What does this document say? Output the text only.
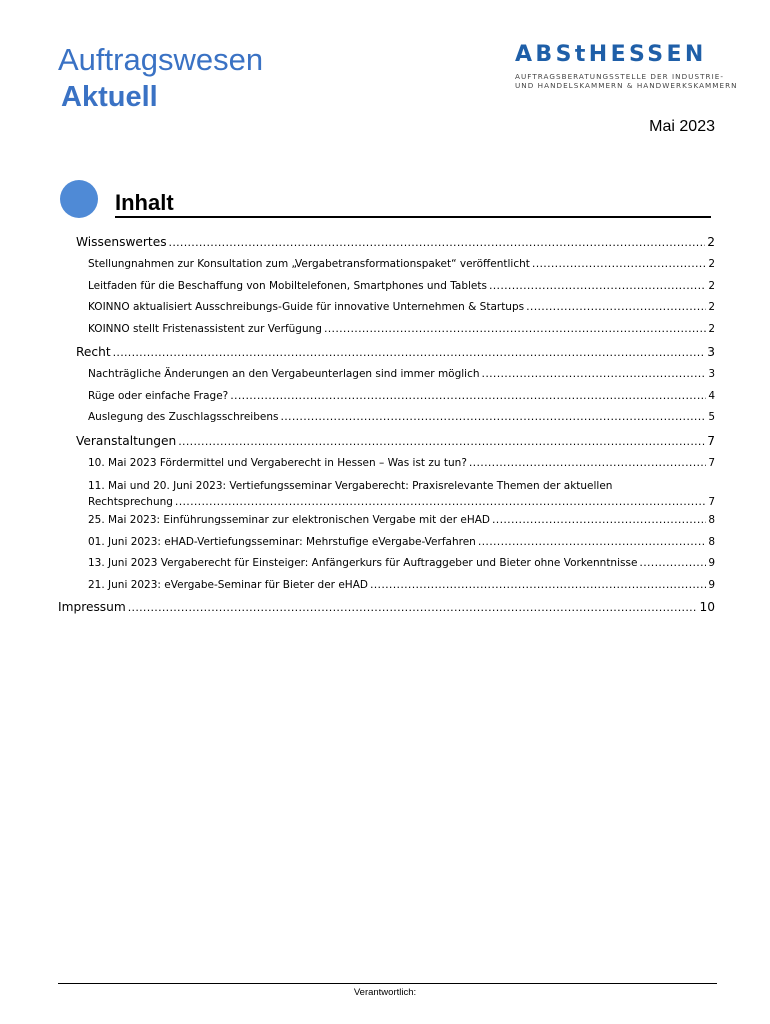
Auftragswesen
Aktuell
ABStHESSEN
AUFTRAGSBERATUNGSSTELLE DER INDUSTRIE-
UND HANDELSKAMMERN & HANDWERKSKAMMERN
Mai 2023
Inhalt
Wissenswertes . . .	2
Stellungnahmen zur Konsultation zum „Vergabetransformationspaket“ veröffentlicht . . .	2
Leitfaden für die Beschaffung von Mobiltelefonen, Smartphones und Tablets . . .	2
KOINNO aktualisiert Ausschreibungs-Guide für innovative Unternehmen & Startups . . .	2
KOINNO stellt Fristenassistent zur Verfügung . . .	2
Recht . . .	3
Nachträgliche Änderungen an den Vergabeunterlagen sind immer möglich . . .	3
Rüge oder einfache Frage? . . .	4
Auslegung des Zuschlagsschreibens . . .	5
Veranstaltungen . . .	7
10. Mai 2023 Fördermittel und Vergaberecht in Hessen – Was ist zu tun? . . .	7
11. Mai und 20. Juni 2023: Vertiefungsseminar Vergaberecht: Praxisrelevante Themen der aktuellen
Rechtsprechung . . .	7
25. Mai 2023: Einführungsseminar zur elektronischen Vergabe mit der eHAD . . .	8
01. Juni 2023: eHAD-Vertiefungsseminar: Mehrstufige eVergabe-Verfahren . . .	8
13. Juni 2023 Vergaberecht für Einsteiger: Anfängerkurs für Auftraggeber und Bieter ohne Vorkenntnisse . . .	9
21. Juni 2023: eVergabe-Seminar für Bieter der eHAD . . .	9
Impressum . . .	10
Verantwortlich:
